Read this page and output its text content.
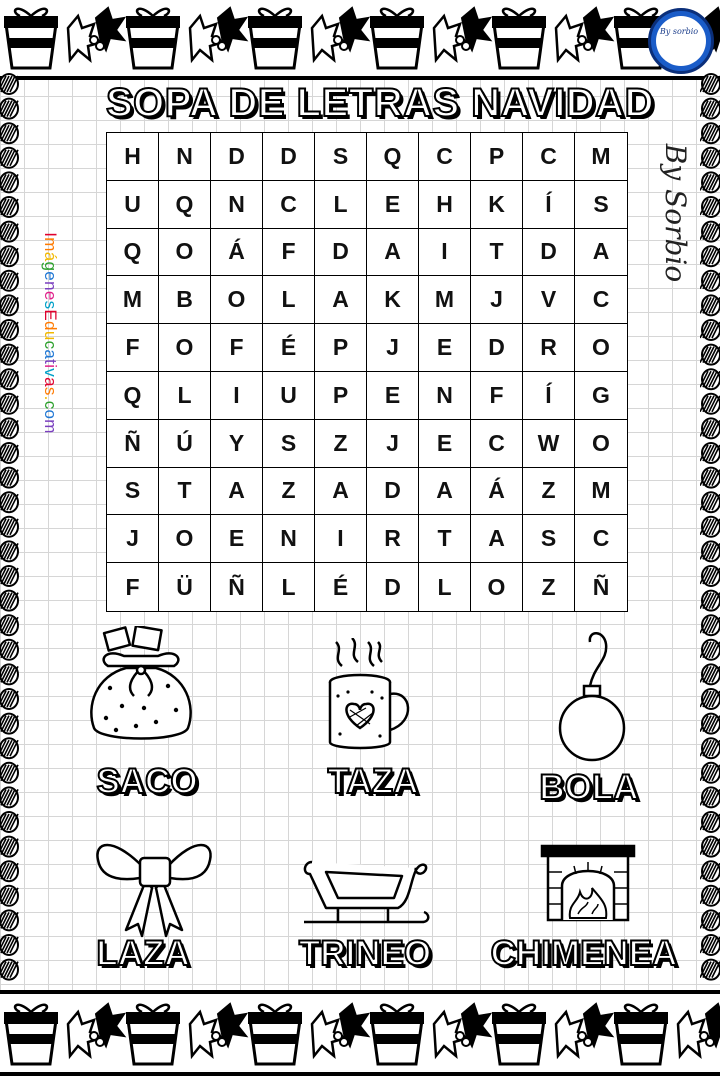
By sorbio
SOPA DE LETRAS NAVIDAD
ImágenesEducativas.com
By Sorbio
H	N	D	D	S	Q	C	P	C	M
U	Q	N	C	L	E	H	K	Í	S
Q	O	Á	F	D	A	I	T	D	A
M	B	O	L	A	K	M	J	V	C
F	O	F	É	P	J	E	D	R	O
Q	L	I	U	P	E	N	F	Í	G
Ñ	Ú	Y	S	Z	J	E	C	W	O
S	T	A	Z	A	D	A	Á	Z	M
J	O	E	N	I	R	T	A	S	C
F	Ü	Ñ	L	É	D	L	O	Z	Ñ
SACO	TAZA	BOLA
LAZA	TRINEO CHIMENEA
